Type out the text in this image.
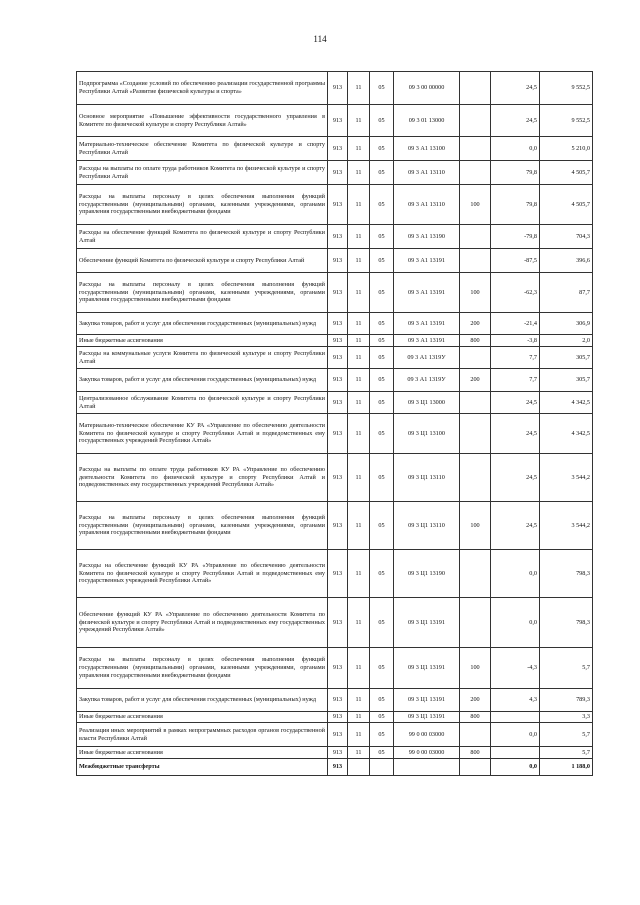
114
Подпрограмма «Создание условий по обеспечению реализации государственной программы Республики Алтай «Развитие физической культуры и спорта»	913	11	05	09 3 00 00000		24,5	9 552,5
Основное мероприятие «Повышение эффективности государственного управления в Комитете по физической культуре и спорту Республики Алтай»	913	11	05	09 3 01 13000		24,5	9 552,5
Материально-техническое обеспечение Комитета по физической культуре и спорту Республики Алтай	913	11	05	09 3 А1 13100		0,0	5 210,0
Расходы на выплаты по оплате труда работников Комитета по физической культуре и спорту Республики Алтай	913	11	05	09 3 А1 13110		79,8	4 505,7
Расходы на выплаты персоналу в целях обеспечения выполнения функций государственными (муниципальными) органами, казенными учреждениями, органами управления государственными внебюджетными фондами	913	11	05	09 3 А1 13110	100	79,8	4 505,7
Расходы на обеспечение функций Комитета по физической культуре и спорту Республики Алтай	913	11	05	09 3 А1 13190		-79,8	704,3
Обеспечение функций Комитета по физической культуре и спорту Республики Алтай	913	11	05	09 3 А1 13191		-87,5	396,6
Расходы на выплаты персоналу в целях обеспечения выполнения функций государственными (муниципальными) органами, казенными учреждениями, органами управления государственными внебюджетными фондами	913	11	05	09 3 А1 13191	100	-62,3	87,7
Закупка товаров, работ и услуг для обеспечения государственных (муниципальных) нужд	913	11	05	09 3 А1 13191	200	-21,4	306,9
Иные бюджетные ассигнования	913	11	05	09 3 А1 13191	800	-3,8	2,0
Расходы на коммунальные услуги Комитета по физической культуре и спорту Республики Алтай	913	11	05	09 3 А1 1319У		7,7	305,7
Закупка товаров, работ и услуг для обеспечения государственных (муниципальных) нужд	913	11	05	09 3 А1 1319У	200	7,7	305,7
Централизованное обслуживание Комитета по физической культуре и спорту Республики Алтай	913	11	05	09 3 Ц1 13000		24,5	4 342,5
Материально-техническое обеспечение КУ РА «Управление по обеспечению деятельности Комитета по физической культуре и спорту Республики Алтай и подведомственных ему государственных учреждений Республики Алтай»	913	11	05	09 3 Ц1 13100		24,5	4 342,5
Расходы на выплаты по оплате труда работников КУ РА «Управление по обеспечению деятельности Комитета по физической культуре и спорту Республики Алтай и подведомственных ему государственных учреждений Республики Алтай»	913	11	05	09 3 Ц1 13110		24,5	3 544,2
Расходы на выплаты персоналу в целях обеспечения выполнения функций государственными (муниципальными) органами, казенными учреждениями, органами управления государственными внебюджетными фондами	913	11	05	09 3 Ц1 13110	100	24,5	3 544,2
Расходы на обеспечение функций КУ РА «Управление по обеспечению деятельности Комитета по физической культуре и спорту Республики Алтай и подведомственных ему государственных учреждений Республики Алтай»	913	11	05	09 3 Ц1 13190		0,0	798,3
Обеспечение функций КУ РА «Управление по обеспечению деятельности Комитета по физической культуре и спорту Республики Алтай и подведомственных ему государственных учреждений Республики Алтай»	913	11	05	09 3 Ц1 13191		0,0	798,3
Расходы на выплаты персоналу в целях обеспечения выполнения функций государственными (муниципальными) органами, казенными учреждениями, органами управления государственными внебюджетными фондами	913	11	05	09 3 Ц1 13191	100	-4,3	5,7
Закупка товаров, работ и услуг для обеспечения государственных (муниципальных) нужд	913	11	05	09 3 Ц1 13191	200	4,3	789,3
Иные бюджетные ассигнования	913	11	05	09 3 Ц1 13191	800		3,3
Реализация иных мероприятий в рамках непрограммных расходов органов государственной власти Республики Алтай	913	11	05	99 0 00 03000		0,0	5,7
Иные бюджетные ассигнования	913	11	05	99 0 00 03000	800		5,7
Межбюджетные трансферты	913					0,0	1 188,0
